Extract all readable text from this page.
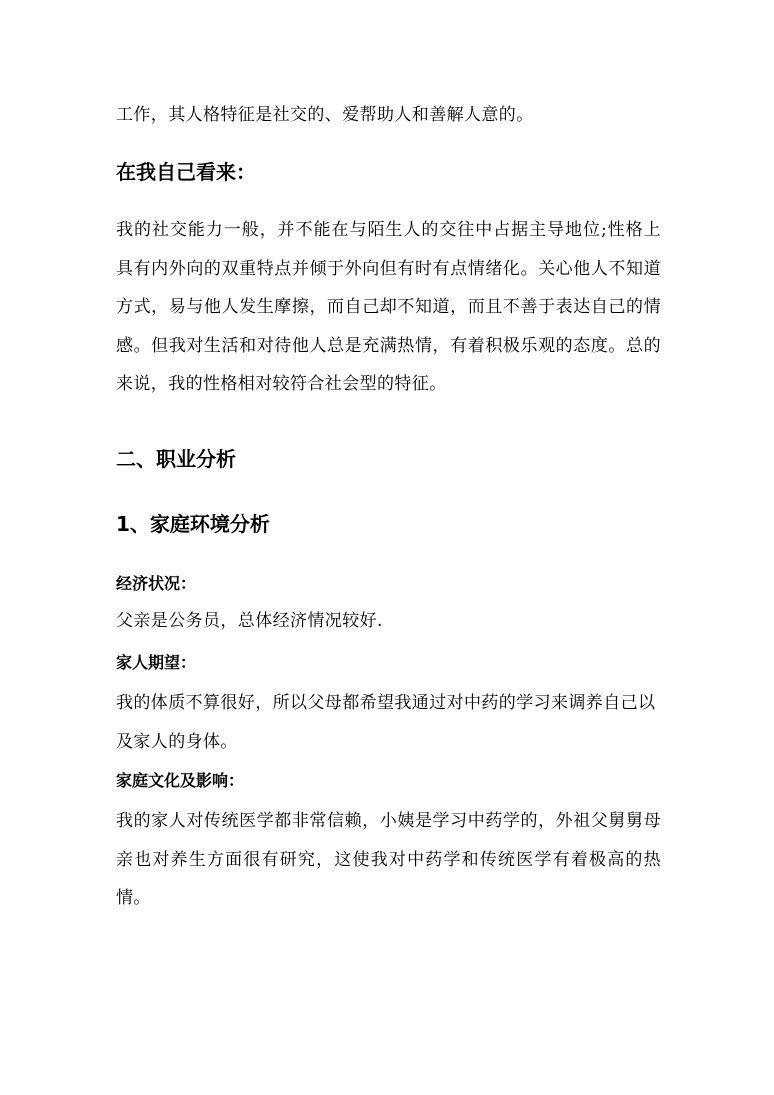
工作，其人格特征是社交的、爱帮助人和善解人意的。

在我自己看来：

我的社交能力一般，并不能在与陌生人的交往中占据主导地位;性格上具有内外向的双重特点并倾于外向但有时有点情绪化。关心他人不知道方式，易与他人发生摩擦，而自己却不知道，而且不善于表达自己的情感。但我对生活和对待他人总是充满热情，有着积极乐观的态度。总的来说，我的性格相对较符合社会型的特征。

二、职业分析
1、家庭环境分析
经济状况：

父亲是公务员，总体经济情况较好.

家人期望：

我的体质不算很好，所以父母都希望我通过对中药的学习来调养自己以及家人的身体。

家庭文化及影响：

我的家人对传统医学都非常信赖，小姨是学习中药学的，外祖父舅舅母亲也对养生方面很有研究，这使我对中药学和传统医学有着极高的热情。
